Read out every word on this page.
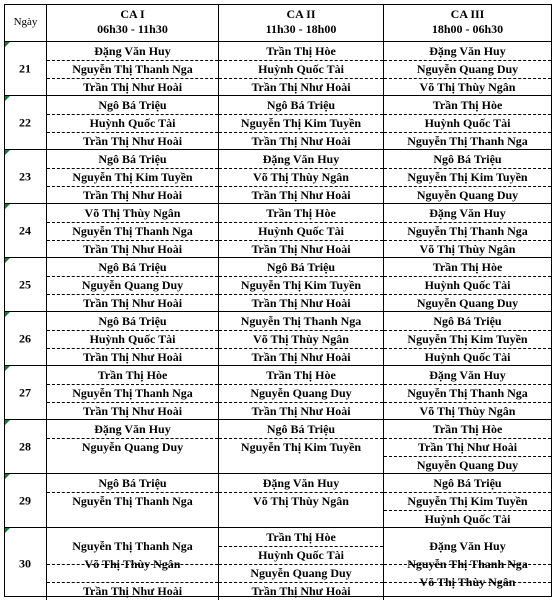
Ngày
CA I
06h30 - 11h30
CA II
11h30 - 18h00
CA III
18h00 - 06h30
21
Đặng Văn Huy
Nguyễn Thị Thanh Nga
Trần Thị Như Hoài
Trần Thị Hòe
Huỳnh Quốc Tài
Trần Thị Như Hoài
Đặng Văn Huy
Nguyễn Quang Duy
Võ Thị Thùy Ngân
22
Ngô Bá Triệu
Huỳnh Quốc Tài
Trần Thị Như Hoài
Ngô Bá Triệu
Nguyễn Thị Kim Tuyền
Trần Thị Như Hoài
Trần Thị Hòe
Huỳnh Quốc Tài
Nguyễn Thị Thanh Nga
23
Ngô Bá Triệu
Nguyễn Thị Kim Tuyền
Trần Thị Như Hoài
Đặng Văn Huy
Võ Thị Thùy Ngân
Trần Thị Như Hoài
Ngô Bá Triệu
Nguyễn Thị Kim Tuyền
Nguyễn Quang Duy
24
Võ Thị Thùy Ngân
Nguyễn Thị Thanh Nga
Trần Thị Như Hoài
Trần Thị Hòe
Huỳnh Quốc Tài
Trần Thị Như Hoài
Đặng Văn Huy
Nguyễn Thị Thanh Nga
Võ Thị Thùy Ngân
25
Ngô Bá Triệu
Nguyễn Quang Duy
Trần Thị Như Hoài
Ngô Bá Triệu
Nguyễn Thị Kim Tuyền
Trần Thị Như Hoài
Trần Thị Hòe
Huỳnh Quốc Tài
Nguyễn Quang Duy
26
Ngô Bá Triệu
Huỳnh Quốc Tài
Trần Thị Như Hoài
Nguyễn Thị Thanh Nga
Võ Thị Thùy Ngân
Trần Thị Như Hoài
Ngô Bá Triệu
Nguyễn Thị Kim Tuyền
Huỳnh Quốc Tài
27
Trần Thị Hòe
Nguyễn Thị Thanh Nga
Trần Thị Như Hoài
Trần Thị Hòe
Nguyễn Quang Duy
Trần Thị Như Hoài
Đặng Văn Huy
Nguyễn Thị Thanh Nga
Võ Thị Thùy Ngân
28
Đặng Văn Huy
Nguyễn Quang Duy
Ngô Bá Triệu
Nguyễn Thị Kim Tuyền
Trần Thị Hòe
Trần Thị Như Hoài
Nguyễn Quang Duy
29
Ngô Bá Triệu
Nguyễn Thị Thanh Nga
Đặng Văn Huy
Võ Thị Thùy Ngân
Ngô Bá Triệu
Nguyễn Thị Kim Tuyền
Huỳnh Quốc Tài
30
Nguyễn Thị Thanh Nga
Võ Thị Thùy Ngân
Trần Thị Như Hoài
Trần Thị Hòe
Huỳnh Quốc Tài
Nguyễn Quang Duy
Trần Thị Như Hoài
Đặng Văn Huy
Nguyễn Thị Thanh Nga
Võ Thị Thùy Ngân
